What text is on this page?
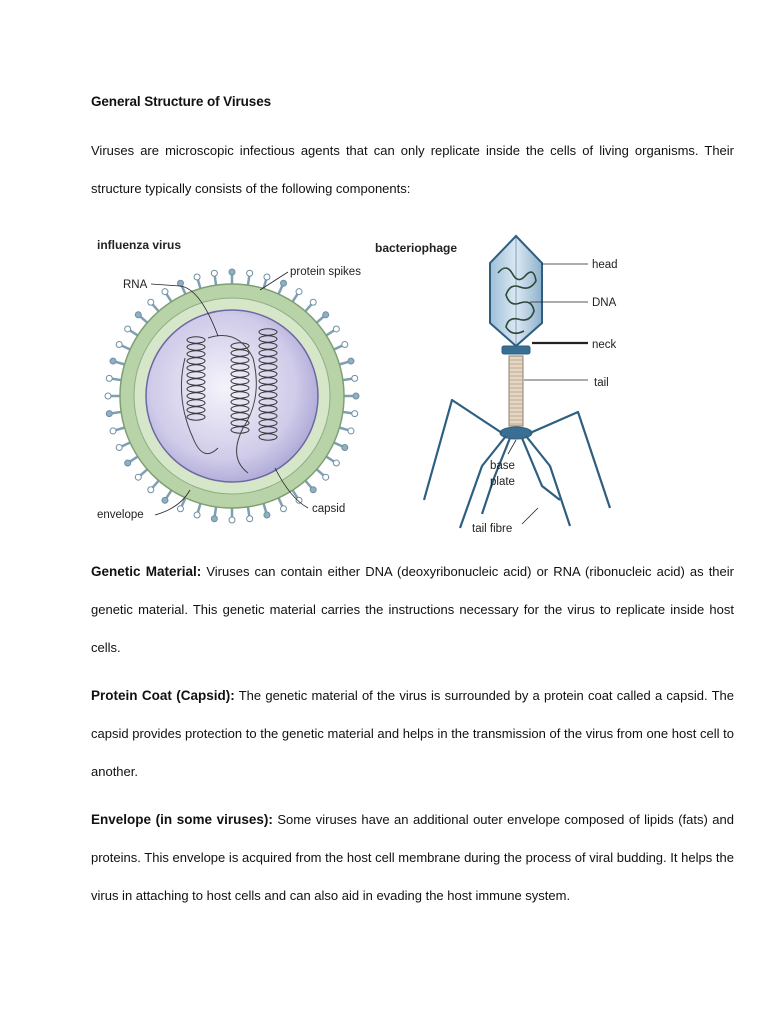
General Structure of Viruses

Viruses are microscopic infectious agents that can only replicate inside the cells of living organisms. Their structure typically consists of the following components:

influenza virus
RNA
protein spikes
envelope	capsid
bacteriophage
head
DNA
neck
tail
base
plate
tail fibre

Genetic Material: Viruses can contain either DNA (deoxyribonucleic acid) or RNA (ribonucleic acid) as their genetic material. This genetic material carries the instructions necessary for the virus to replicate inside host cells.

Protein Coat (Capsid): The genetic material of the virus is surrounded by a protein coat called a capsid. The capsid provides protection to the genetic material and helps in the transmission of the virus from one host cell to another.

Envelope (in some viruses): Some viruses have an additional outer envelope composed of lipids (fats) and proteins. This envelope is acquired from the host cell membrane during the process of viral budding. It helps the virus in attaching to host cells and can also aid in evading the host immune system.
